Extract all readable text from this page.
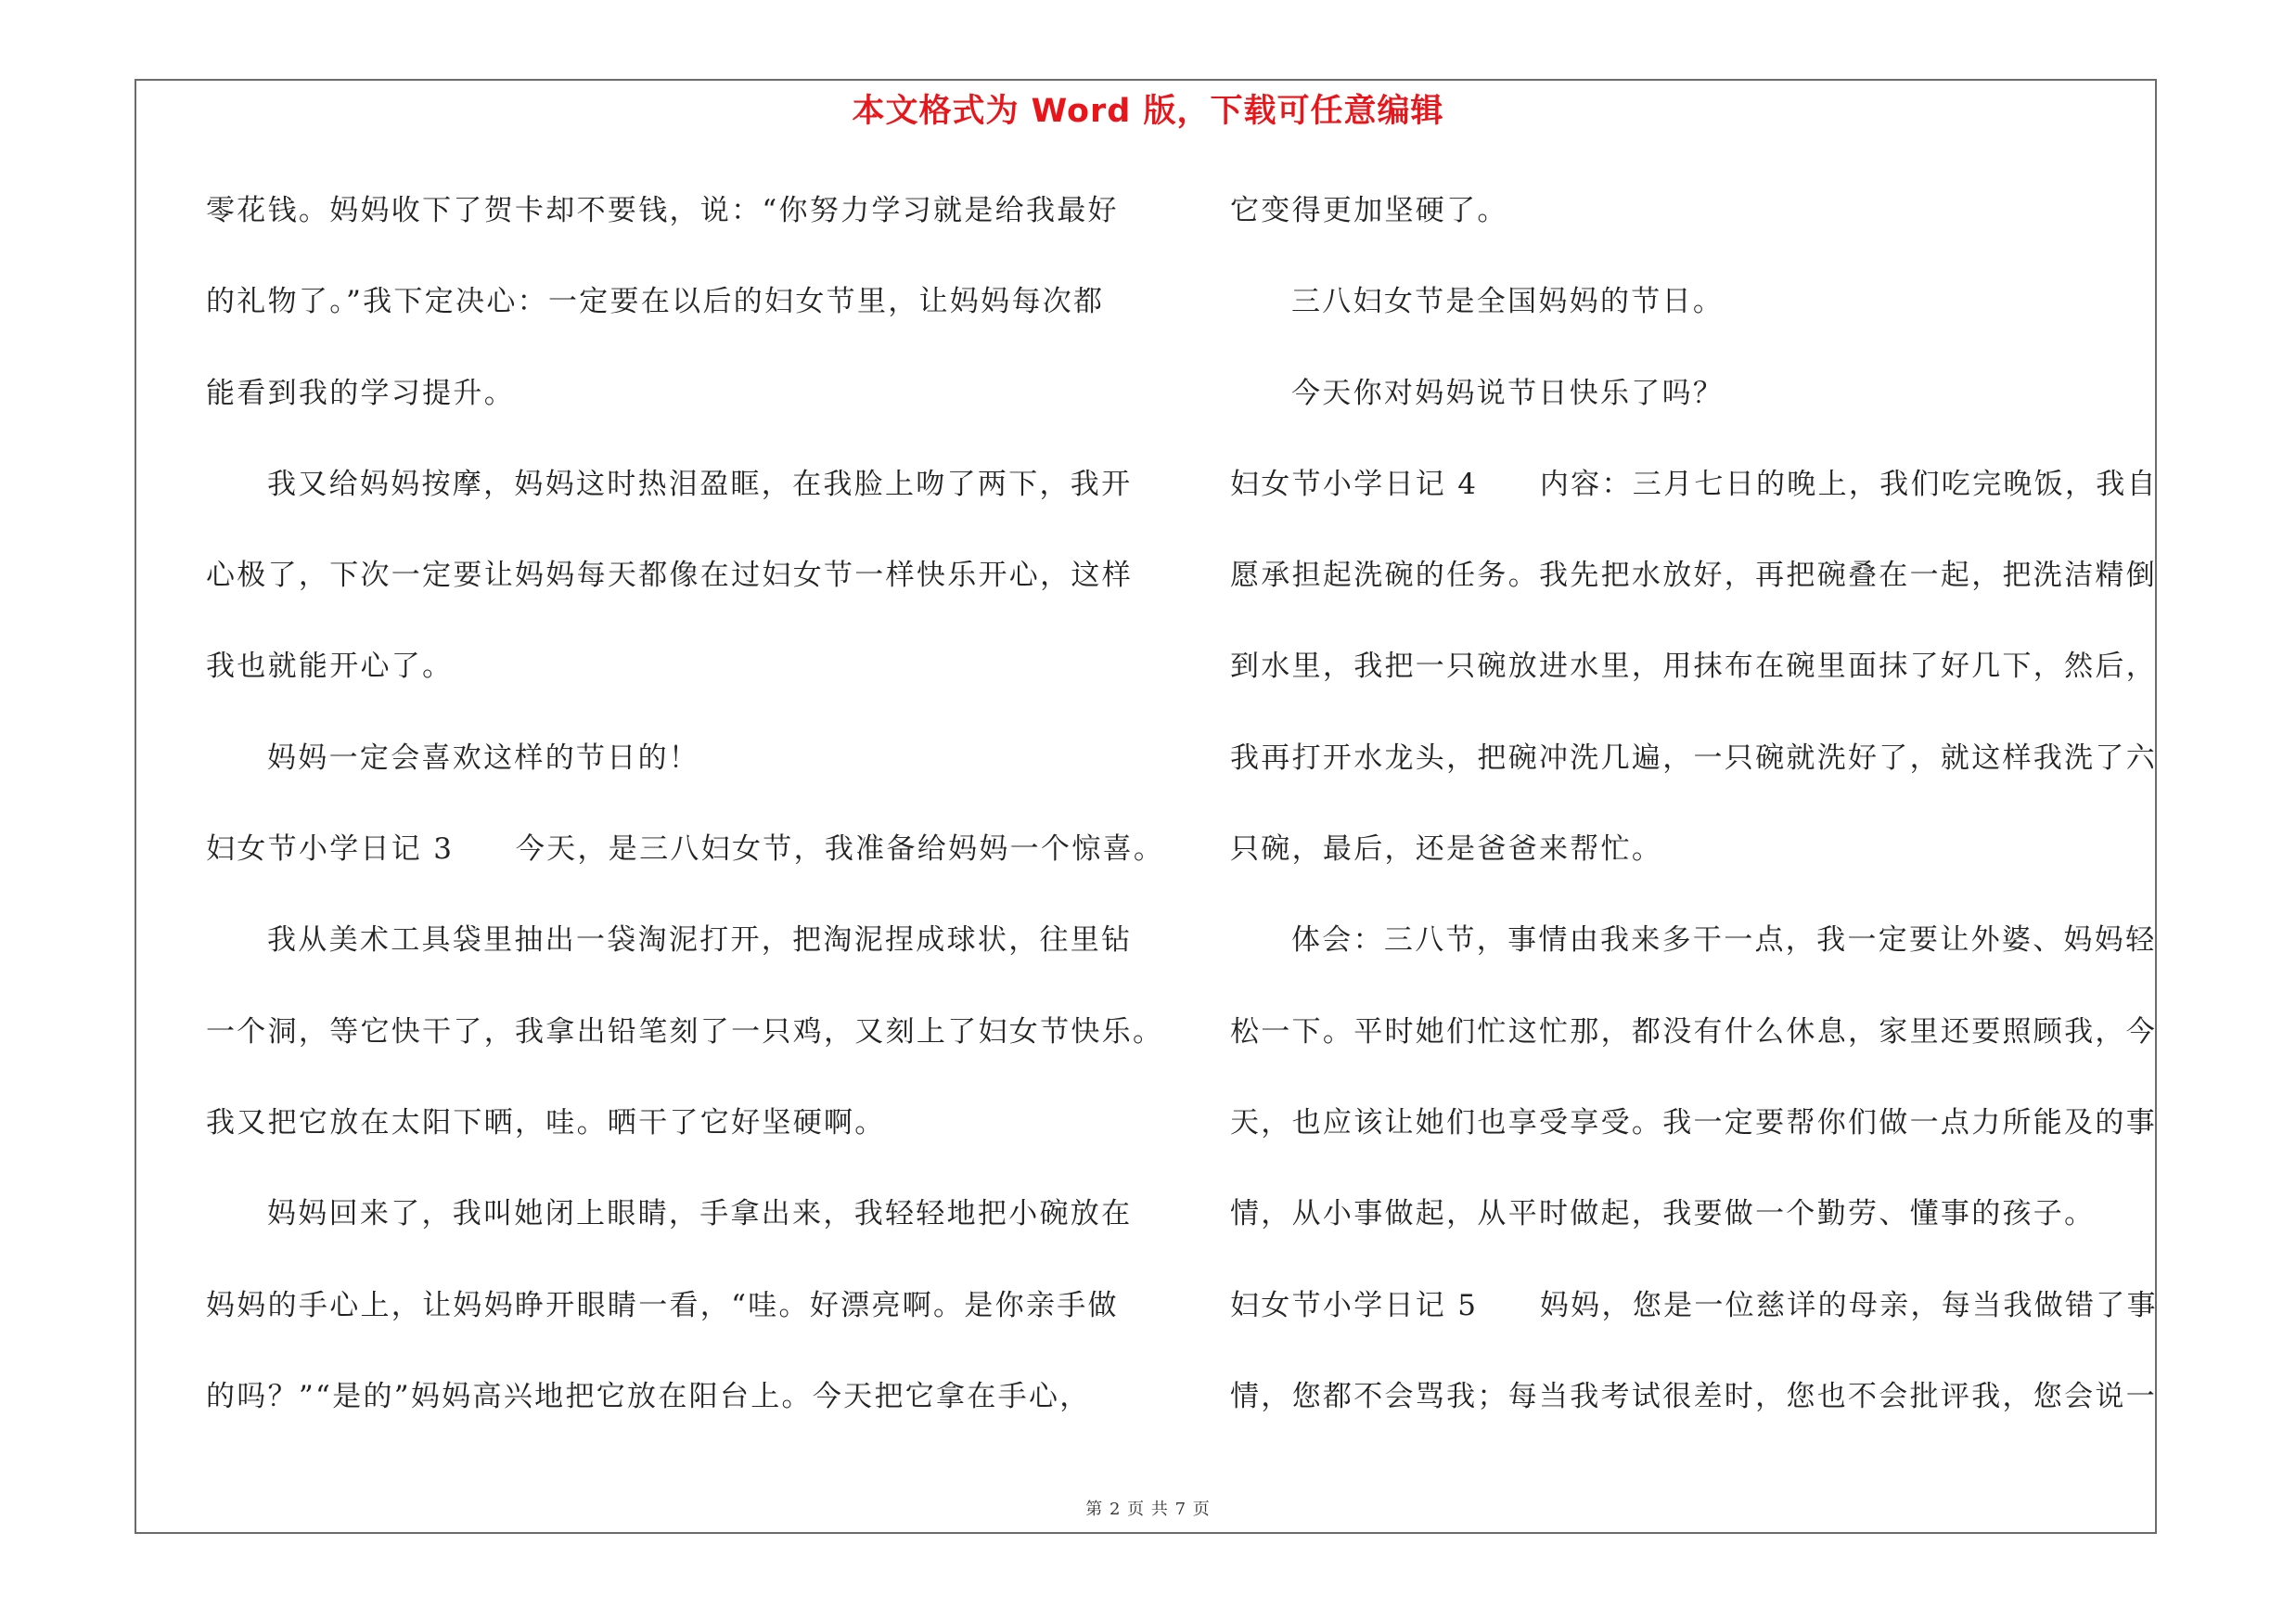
本文格式为 Word 版，下载可任意编辑
零花钱。妈妈收下了贺卡却不要钱，说：“你努力学习就是给我最好
的礼物了。”我下定决心：一定要在以后的妇女节里，让妈妈每次都
能看到我的学习提升。
我又给妈妈按摩，妈妈这时热泪盈眶，在我脸上吻了两下，我开
心极了，下次一定要让妈妈每天都像在过妇女节一样快乐开心，这样
我也就能开心了。
妈妈一定会喜欢这样的节日的！
妇女节小学日记 3　　今天，是三八妇女节，我准备给妈妈一个惊喜。
我从美术工具袋里抽出一袋淘泥打开，把淘泥捏成球状，往里钻
一个洞，等它快干了，我拿出铅笔刻了一只鸡，又刻上了妇女节快乐。
我又把它放在太阳下晒，哇。晒干了它好坚硬啊。
妈妈回来了，我叫她闭上眼睛，手拿出来，我轻轻地把小碗放在
妈妈的手心上，让妈妈睁开眼睛一看，“哇。好漂亮啊。是你亲手做
的吗？”“是的”妈妈高兴地把它放在阳台上。今天把它拿在手心，
它变得更加坚硬了。
三八妇女节是全国妈妈的节日。
今天你对妈妈说节日快乐了吗？
妇女节小学日记 4　　内容：三月七日的晚上，我们吃完晚饭，我自
愿承担起洗碗的任务。我先把水放好，再把碗叠在一起，把洗洁精倒
到水里，我把一只碗放进水里，用抹布在碗里面抹了好几下，然后，
我再打开水龙头，把碗冲洗几遍，一只碗就洗好了，就这样我洗了六
只碗，最后，还是爸爸来帮忙。
体会：三八节，事情由我来多干一点，我一定要让外婆、妈妈轻
松一下。平时她们忙这忙那，都没有什么休息，家里还要照顾我，今
天，也应该让她们也享受享受。我一定要帮你们做一点力所能及的事
情，从小事做起，从平时做起，我要做一个勤劳、懂事的孩子。
妇女节小学日记 5　　妈妈，您是一位慈详的母亲，每当我做错了事
情，您都不会骂我；每当我考试很差时，您也不会批评我，您会说一
第 2 页 共 7 页
